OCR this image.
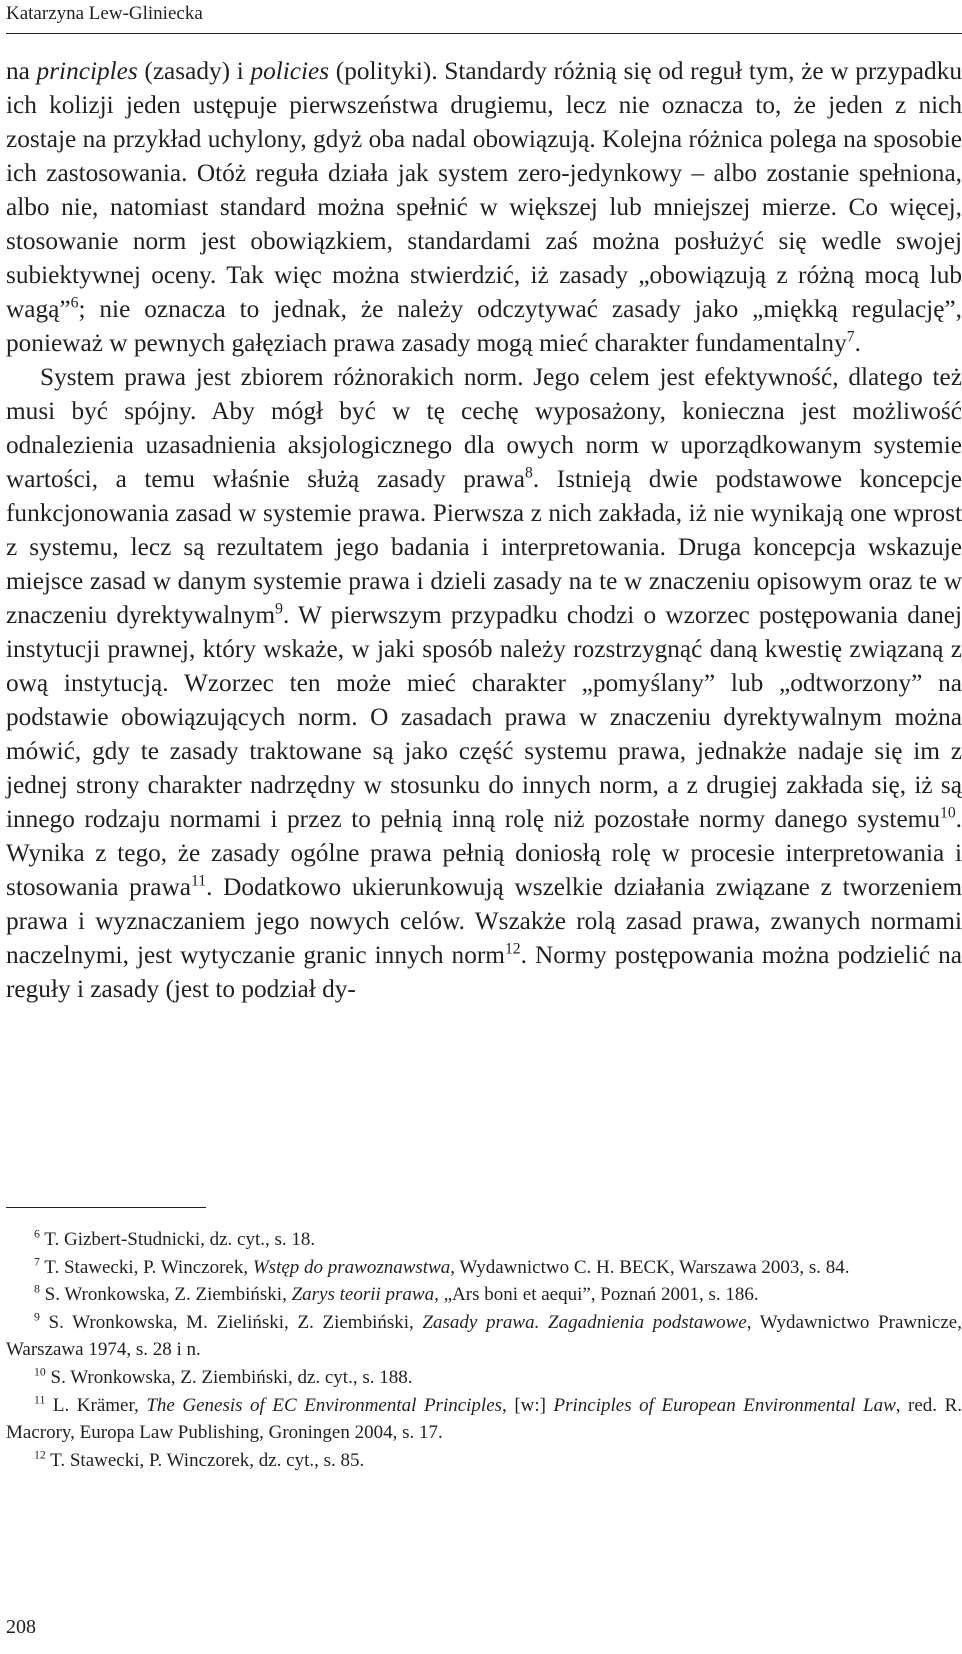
Katarzyna Lew-Gliniecka

na principles (zasady) i policies (polityki). Standardy różnią się od reguł tym, że w przypadku ich kolizji jeden ustępuje pierwszeństwa drugiemu, lecz nie oznacza to, że jeden z nich zostaje na przykład uchylony, gdyż oba nadal obowiązują. Kolejna różnica polega na sposobie ich zastosowania. Otóż reguła działa jak system zero-jedynkowy – albo zostanie spełniona, albo nie, natomiast standard można spełnić w większej lub mniejszej mierze. Co więcej, stosowanie norm jest obowiązkiem, standardami zaś można posłużyć się wedle swojej subiektywnej oceny. Tak więc można stwierdzić, iż zasady „obowiązują z różną mocą lub wagą”$^6$; nie oznacza to jednak, że należy odczytywać zasady jako „miękką regulację”, ponieważ w pewnych gałęziach prawa zasady mogą mieć charakter fundamentalny$^7$.

System prawa jest zbiorem różnorakich norm. Jego celem jest efektywność, dlatego też musi być spójny. Aby mógł być w tę cechę wyposażony, konieczna jest możliwość odnalezienia uzasadnienia aksjologicznego dla owych norm w uporządkowanym systemie wartości, a temu właśnie służą zasady prawa$^8$. Istnieją dwie podstawowe koncepcje funkcjonowania zasad w systemie prawa. Pierwsza z nich zakłada, iż nie wynikają one wprost z systemu, lecz są rezultatem jego badania i interpretowania. Druga koncepcja wskazuje miejsce zasad w danym systemie prawa i dzieli zasady na te w znaczeniu opisowym oraz te w znaczeniu dyrektywalnym$^9$. W pierwszym przypadku chodzi o wzorzec postępowania danej instytucji prawnej, który wskaże, w jaki sposób należy rozstrzygnąć daną kwestię związaną z ową instytucją. Wzorzec ten może mieć charakter „pomyślany” lub „odtworzony” na podstawie obowiązujących norm. O zasadach prawa w znaczeniu dyrektywalnym można mówić, gdy te zasady traktowane są jako część systemu prawa, jednakże nadaje się im z jednej strony charakter nadrzędny w stosunku do innych norm, a z drugiej zakłada się, iż są innego rodzaju normami i przez to pełnią inną rolę niż pozostałe normy danego systemu$^{10}$. Wynika z tego, że zasady ogólne prawa pełnią doniosłą rolę w procesie interpretowania i stosowania prawa$^{11}$. Dodatkowo ukierunkowują wszelkie działania związane z tworzeniem prawa i wyznaczaniem jego nowych celów. Wszakże rolą zasad prawa, zwanych normami naczelnymi, jest wytyczanie granic innych norm$^{12}$. Normy postępowania można podzielić na reguły i zasady (jest to podział dy-

$^6$ T. Gizbert-Studnicki, dz. cyt., s. 18.

$^7$ T. Stawecki, P. Winczorek, Wstęp do prawoznawstwa, Wydawnictwo C. H. BECK, Warszawa 2003, s. 84.

$^8$ S. Wronkowska, Z. Ziembiński, Zarys teorii prawa, „Ars boni et aequi”, Poznań 2001, s. 186.

$^9$ S. Wronkowska, M. Zieliński, Z. Ziembiński, Zasady prawa. Zagadnienia podstawowe, Wydawnictwo Prawnicze, Warszawa 1974, s. 28 i n.

$^{10}$ S. Wronkowska, Z. Ziembiński, dz. cyt., s. 188.

$^{11}$ L. Krämer, The Genesis of EC Environmental Principles, [w:] Principles of European Environmental Law, red. R. Macrory, Europa Law Publishing, Groningen 2004, s. 17.

$^{12}$ T. Stawecki, P. Winczorek, dz. cyt., s. 85.

208
